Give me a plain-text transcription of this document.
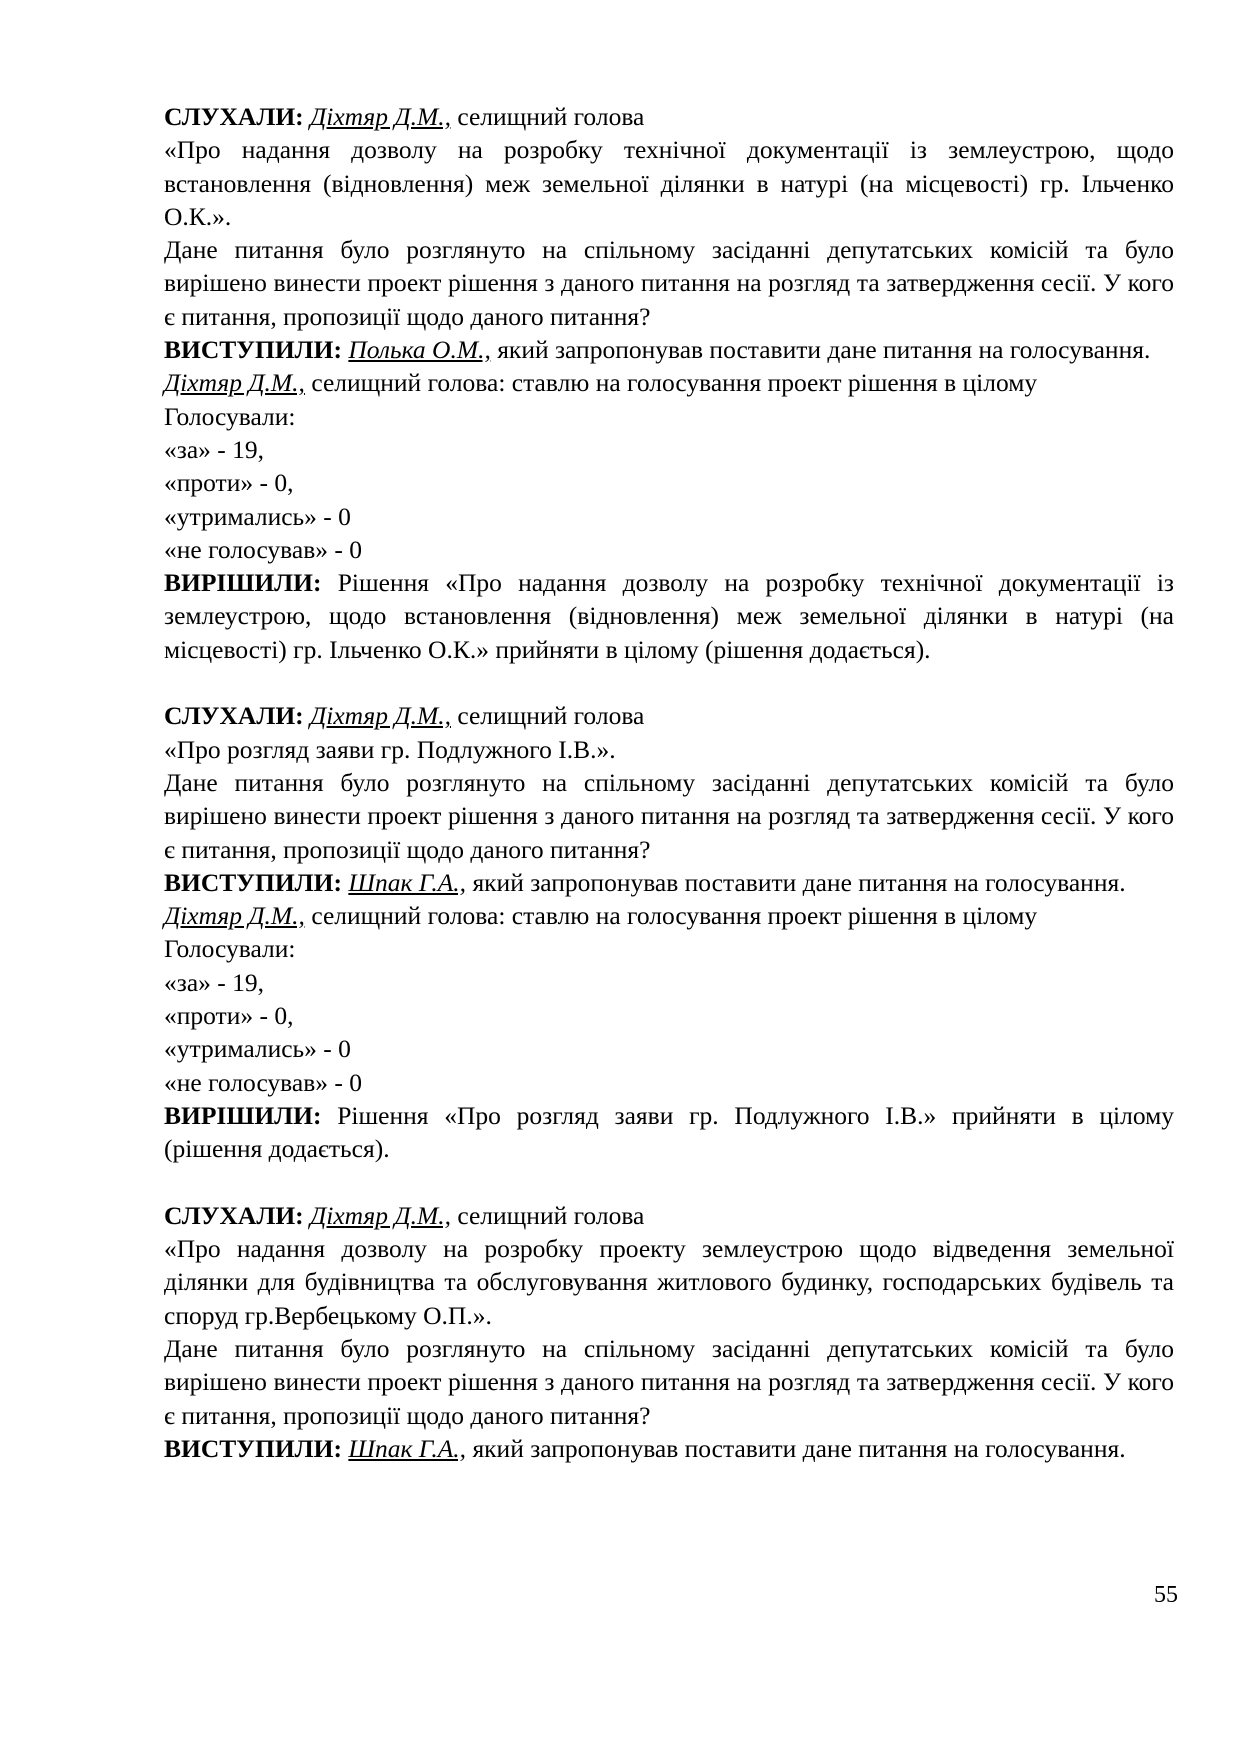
СЛУХАЛИ: Діхтяр Д.М., селищний голова

«Про надання дозволу на розробку технічної документації із землеустрою, щодо встановлення (відновлення) меж земельної ділянки в натурі (на місцевості) гр. Ільченко О.К.».

Дане питання було розглянуто на спільному засіданні депутатських комісій та було вирішено винести проект рішення з даного питання на розгляд та затвердження сесії. У кого є питання, пропозиції щодо даного питання?

ВИСТУПИЛИ: Полька О.М., який запропонував поставити дане питання на голосування.

Діхтяр Д.М., селищний голова: ставлю на голосування проект рішення в цілому

Голосували:

«за» - 19,

«проти» - 0,

«утримались» - 0

«не голосував» - 0

ВИРІШИЛИ: Рішення «Про надання дозволу на розробку технічної документації із землеустрою, щодо встановлення (відновлення) меж земельної ділянки в натурі (на місцевості) гр. Ільченко О.К.» прийняти в цілому (рішення додається).

СЛУХАЛИ: Діхтяр Д.М., селищний голова

«Про розгляд заяви гр. Подлужного І.В.».

Дане питання було розглянуто на спільному засіданні депутатських комісій та було вирішено винести проект рішення з даного питання на розгляд та затвердження сесії. У кого є питання, пропозиції щодо даного питання?

ВИСТУПИЛИ: Шпак Г.А., який запропонував поставити дане питання на голосування.

Діхтяр Д.М., селищний голова: ставлю на голосування проект рішення в цілому

Голосували:

«за» - 19,

«проти» - 0,

«утримались» - 0

«не голосував» - 0

ВИРІШИЛИ: Рішення «Про розгляд заяви гр. Подлужного І.В.» прийняти в цілому (рішення додається).

СЛУХАЛИ: Діхтяр Д.М., селищний голова

«Про надання дозволу на розробку проекту землеустрою щодо відведення земельної ділянки для будівництва та обслуговування житлового будинку, господарських будівель та споруд гр.Вербецькому О.П.».

Дане питання було розглянуто на спільному засіданні депутатських комісій та було вирішено винести проект рішення з даного питання на розгляд та затвердження сесії. У кого є питання, пропозиції щодо даного питання?

ВИСТУПИЛИ: Шпак Г.А., який запропонував поставити дане питання на голосування.

55
